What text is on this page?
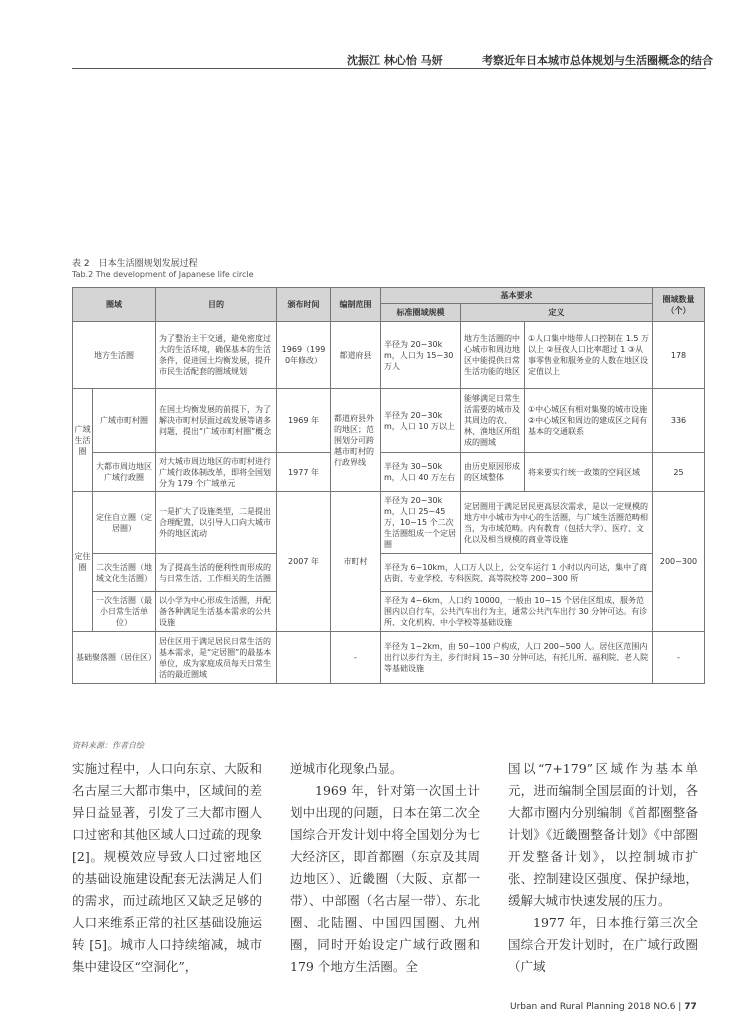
沈振江 林心怡 马妍	考察近年日本城市总体规划与生活圈概念的结合
表 2　日本生活圈规划发展过程
Tab.2 The development of Japanese life circle
圈域		目的	颁布时间	编制范围	基本要求			圈域数量（个）
					标准圈域规模	定义		
地方生活圈		为了整治主干交通，避免密度过大的生活环境，确保基本的生活条件，促进国土均衡发展，提升市民生活配套的圈域规划	1969（1990年修改）	都道府县	半径为 20~30km，人口为 15~30 万人	地方生活圈的中心城市和周边地区中能提供日常生活功能的地区	①人口集中地带人口控制在 1.5 万以上 ②昼夜人口比率超过 1 ③从事零售业和服务业的人数在地区设定值以上	178
广域生活圈	广域市町村圈	在国土均衡发展的前提下，为了解决市町村层面过疏发展等诸多问题，提出“广域市町村圈”概念	1969 年	都道府县外的地区；范围划分可跨越市町村的行政界线	半径为 20~30km，人口 10 万以上	能够满足日常生活需要的城市及其周边的农、林、渔地区所组成的圈域	①中心城区有相对集聚的城市设施 ②中心城区和周边的建成区之间有基本的交通联系	336
	大都市周边地区广域行政圈	对大城市周边地区的市町村进行广域行政体制改革，即将全国划分为 179 个广域单元	1977 年		半径为 30~50km，人口 40 万左右	由历史原因形成的区域整体	将来要实行统一政策的空间区域	25
定住圈	定住自立圈（定居圈）	一是扩大了设施类型，二是提出合理配置，以引导人口向大城市外的地区流动	2007 年	市町村	半径为 20~30km，人口 25~45 万，10~15 个二次生活圈组成一个定居圈	定居圈用于满足居民更高层次需求，是以一定规模的地方中小城市为中心的生活圈，与广域生活圈范畴相当，为市域范畴。内有教育（包括大学）、医疗、文化以及相当规模的商业等设施		200~300
	二次生活圈（地域文化生活圈）	为了提高生活的便利性而形成的与日常生活、工作相关的生活圈			半径为 6~10km，人口万人以上，公交车运行 1 小时以内可达，集中了商店街、专业学校、专科医院、高等院校等 200~300 所			
	一次生活圈（最小日常生活单位）	以小学为中心形成生活圈，并配备各种满足生活基本需求的公共设施			半径为 4~6km，人口约 10000，一般由 10~15 个居住区组成，服务范围内以自行车，公共汽车出行为主，通常公共汽车出行 30 分钟可达。有诊所、文化机构、中小学校等基础设施			
基础聚落圈（居住区）		居住区用于满足居民日常生活的基本需求，是“定居圈”的最基本单位，成为家庭成员每天日常生活的最近圈域		-	半径为 1~2km，由 50~100 户构成，人口 200~500 人。居住区范围内出行以步行为主，步行时间 15~30 分钟可达，有托儿所、福利院、老人院等基础设施			-
资料来源：作者自绘

实施过程中，人口向东京、大阪和名古屋三大都市集中，区域间的差异日益显著，引发了三大都市圈人口过密和其他区域人口过疏的现象 [2]。规模效应导致人口过密地区的基础设施建设配套无法满足人们的需求，而过疏地区又缺乏足够的人口来维系正常的社区基础设施运转 [5]。城市人口持续缩减，城市集中建设区“空洞化”，

逆城市化现象凸显。

1969 年，针对第一次国土计划中出现的问题，日本在第二次全国综合开发计划中将全国划分为七大经济区，即首都圈（东京及其周边地区）、近畿圈（大阪、京都一带）、中部圈（名古屋一带）、东北圈、北陆圈、中国四国圈、九州圈，同时开始设定广域行政圈和 179 个地方生活圈。全

国以“7+179”区域作为基本单元，进而编制全国层面的计划，各大都市圈内分别编制《首都圈整备计划》《近畿圈整备计划》《中部圈开发整备计划》，以控制城市扩张、控制建设区强度、保护绿地，缓解大城市快速发展的压力。

1977 年，日本推行第三次全国综合开发计划时，在广域行政圈（广域

Urban and Rural Planning 2018 NO.6 | 77
